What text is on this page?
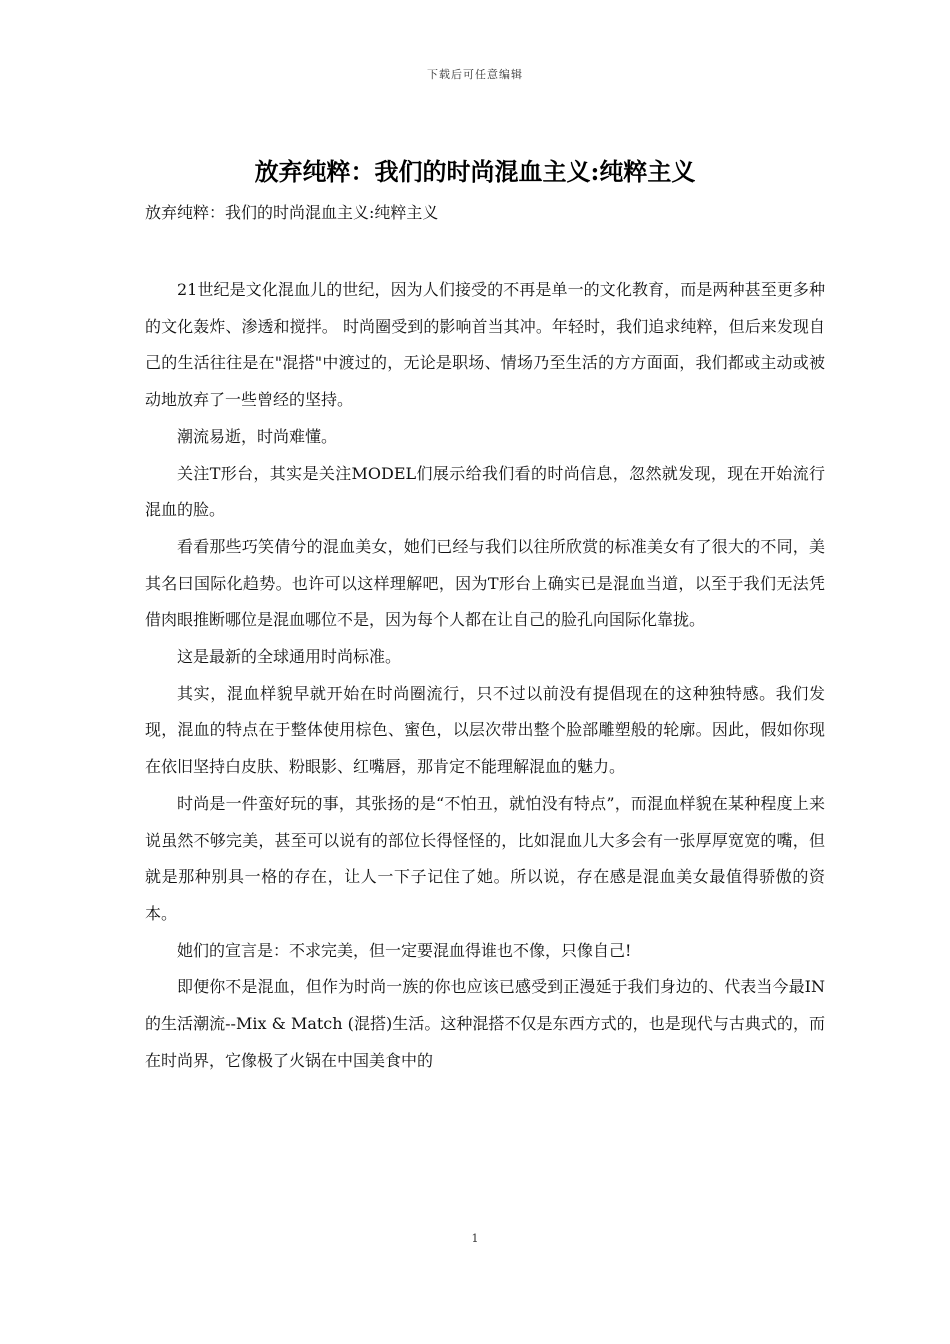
下载后可任意编辑
放弃纯粹：我们的时尚混血主义:纯粹主义
放弃纯粹：我们的时尚混血主义:纯粹主义

21世纪是文化混血儿的世纪，因为人们接受的不再是单一的文化教育，而是两种甚至更多种的文化轰炸、渗透和搅拌。 时尚圈受到的影响首当其冲。年轻时，我们追求纯粹，但后来发现自己的生活往往是在"混搭"中渡过的，无论是职场、情场乃至生活的方方面面，我们都或主动或被动地放弃了一些曾经的坚持。

潮流易逝，时尚难懂。

关注T形台，其实是关注MODEL们展示给我们看的时尚信息，忽然就发现，现在开始流行混血的脸。

看看那些巧笑倩兮的混血美女，她们已经与我们以往所欣赏的标准美女有了很大的不同，美其名曰国际化趋势。也许可以这样理解吧，因为T形台上确实已是混血当道，以至于我们无法凭借肉眼推断哪位是混血哪位不是，因为每个人都在让自己的脸孔向国际化靠拢。

这是最新的全球通用时尚标准。

其实，混血样貌早就开始在时尚圈流行，只不过以前没有提倡现在的这种独特感。我们发现，混血的特点在于整体使用棕色、蜜色，以层次带出整个脸部雕塑般的轮廓。因此，假如你现在依旧坚持白皮肤、粉眼影、红嘴唇，那肯定不能理解混血的魅力。

时尚是一件蛮好玩的事，其张扬的是“不怕丑，就怕没有特点”，而混血样貌在某种程度上来说虽然不够完美，甚至可以说有的部位长得怪怪的，比如混血儿大多会有一张厚厚宽宽的嘴，但就是那种别具一格的存在，让人一下子记住了她。所以说，存在感是混血美女最值得骄傲的资本。

她们的宣言是：不求完美，但一定要混血得谁也不像，只像自己!

即便你不是混血，但作为时尚一族的你也应该已感受到正漫延于我们身边的、代表当今最IN的生活潮流--Mix & Match (混搭)生活。这种混搭不仅是东西方式的，也是现代与古典式的，而在时尚界，它像极了火锅在中国美食中的

1
